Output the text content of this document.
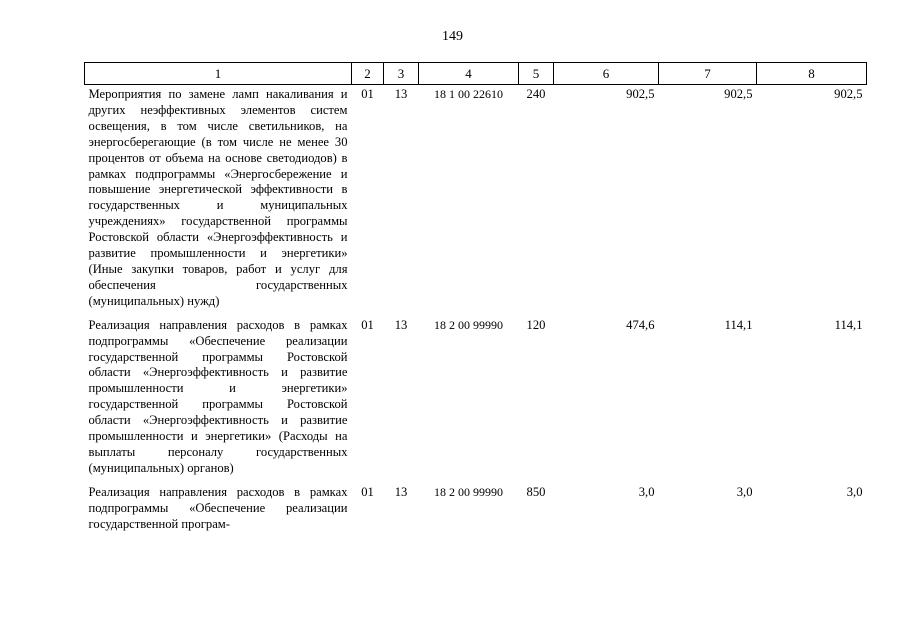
149
1	2	3	4	5	6	7	8
Мероприятия по замене ламп накаливания и других неэффективных элементов систем освещения, в том числе светильников, на энергосберегающие (в том числе не менее 30 процентов от объема на основе светодиодов) в рамках подпрограммы «Энергосбережение и повышение энергетической эффективности в государственных и муниципальных учреждениях» государственной программы Ростовской области «Энергоэффективность и развитие промышленности и энергетики» (Иные закупки товаров, работ и услуг для обеспечения государственных (муниципальных) нужд)	01	13	18 1 00 22610	240	902,5	902,5	902,5
Реализация направления расходов в рамках подпрограммы «Обеспечение реализации государственной программы Ростовской области «Энергоэффективность и развитие промышленности и энергетики» государственной программы Ростовской области «Энергоэффективность и развитие промышленности и энергетики» (Расходы на выплаты персоналу государственных (муниципальных) органов)	01	13	18 2 00 99990	120	474,6	114,1	114,1
Реализация направления расходов в рамках подпрограммы «Обеспечение реализации государственной програм-	01	13	18 2 00 99990	850	3,0	3,0	3,0
